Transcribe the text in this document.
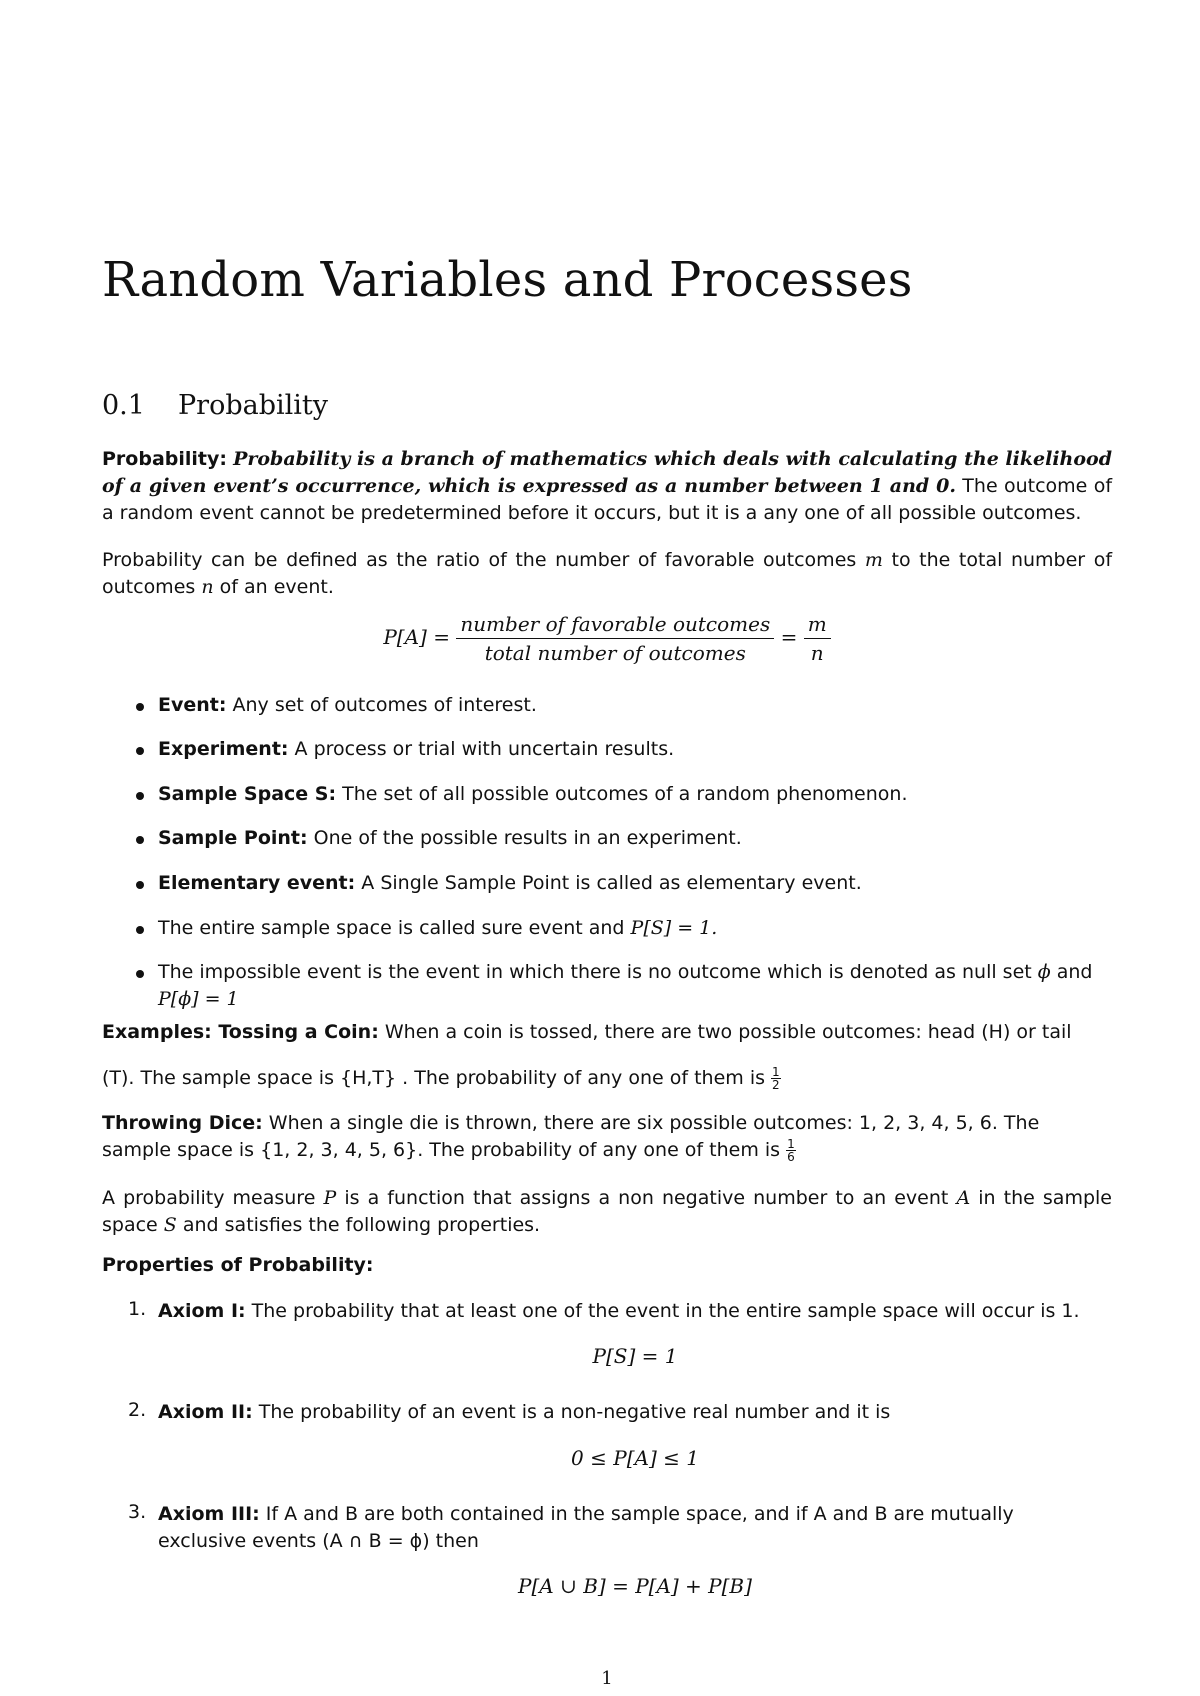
Random Variables and Processes
0.1 Probability
Probability: Probability is a branch of mathematics which deals with calculating the likelihood of a given event’s occurrence, which is expressed as a number between 1 and 0. The outcome of a random event cannot be predetermined before it occurs, but it is a any one of all possible outcomes.
Probability can be defined as the ratio of the number of favorable outcomes m to the total number of outcomes n of an event.
$P[A] = \frac{\text{number of favorable outcomes}}{\text{total number of outcomes}} = \frac{m}{n}$
Event: Any set of outcomes of interest.
Experiment: A process or trial with uncertain results.
Sample Space S: The set of all possible outcomes of a random phenomenon.
Sample Point: One of the possible results in an experiment.
Elementary event: A Single Sample Point is called as elementary event.
The entire sample space is called sure event and P[S] = 1.
The impossible event is the event in which there is no outcome which is denoted as null set ϕ and
P[ϕ] = 1
Examples: Tossing a Coin: When a coin is tossed, there are two possible outcomes: head (H) or tail
(T). The sample space is {H,T} . The probability of any one of them is $\frac{1}{2}$
Throwing Dice: When a single die is thrown, there are six possible outcomes: 1, 2, 3, 4, 5, 6. The
sample space is {1, 2, 3, 4, 5, 6}. The probability of any one of them is $\frac{1}{6}$
A probability measure P is a function that assigns a non negative number to an event A in the sample space S and satisfies the following properties.
Properties of Probability:
1. Axiom I: The probability that at least one of the event in the entire sample space will occur is 1.
P[S] = 1
2. Axiom II: The probability of an event is a non-negative real number and it is
0 ≤ P[A] ≤ 1
3. Axiom III: If A and B are both contained in the sample space, and if A and B are mutually
exclusive events (A ∩ B = ϕ) then
P[A ∪ B] = P[A] + P[B]
1
